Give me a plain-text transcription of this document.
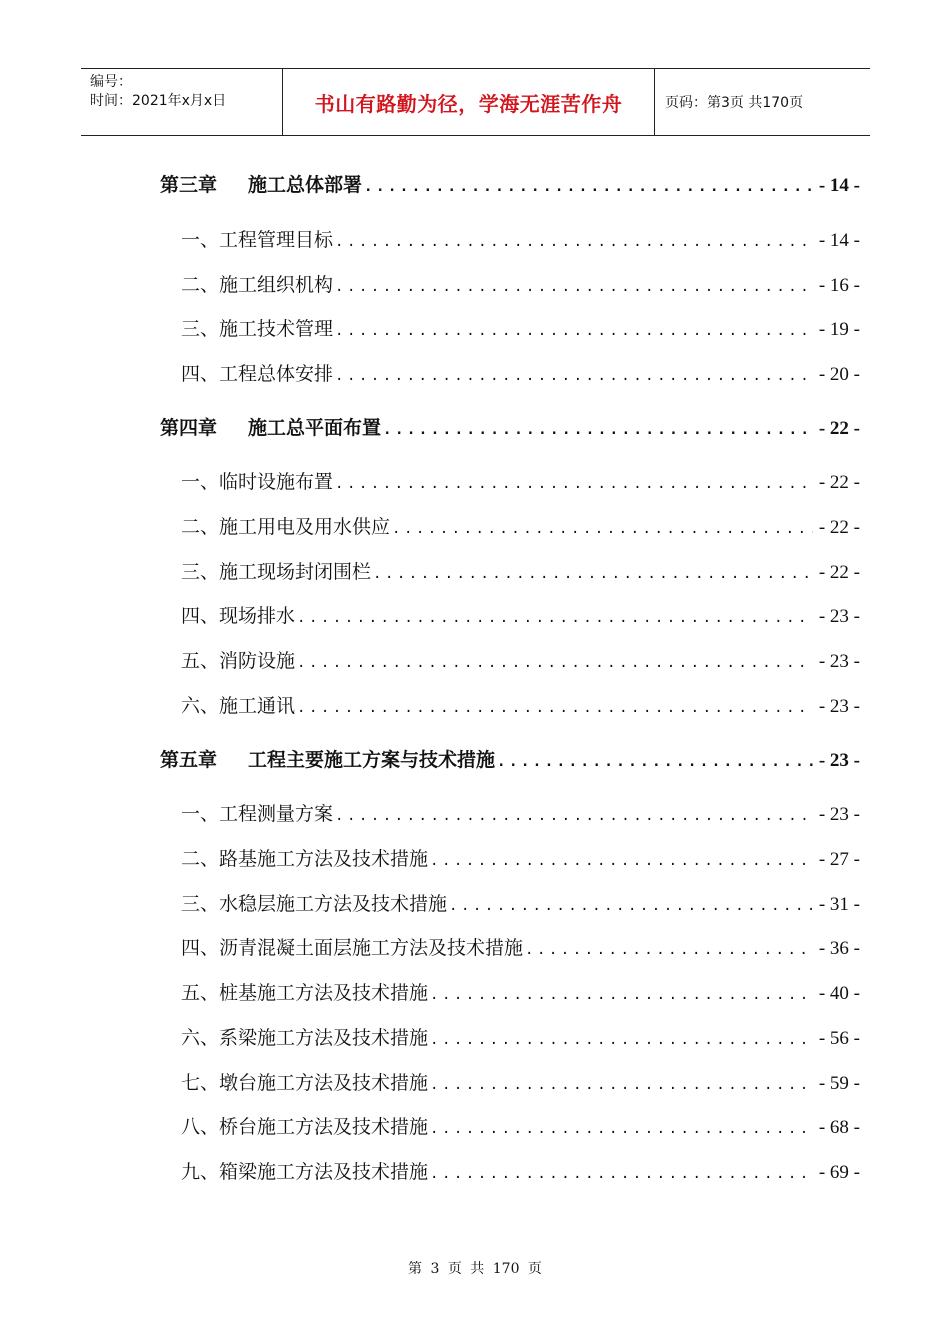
编号：
时间：2021年x月x日	书山有路勤为径，学海无涯苦作舟	页码：第3页 共170页
第三章 施工总体部署 .....	- 14 -
一、工程管理目标 .....	- 14 -
二、施工组织机构 .....	- 16 -
三、施工技术管理 .....	- 19 -
四、工程总体安排 .....	- 20 -
第四章 施工总平面布置 .....	- 22 -
一、临时设施布置 .....	- 22 -
二、施工用电及用水供应 .....	- 22 -
三、施工现场封闭围栏 .....	- 22 -
四、现场排水 .....	- 23 -
五、消防设施 .....	- 23 -
六、施工通讯 .....	- 23 -
第五章 工程主要施工方案与技术措施 .....	- 23 -
一、工程测量方案 .....	- 23 -
二、路基施工方法及技术措施 .....	- 27 -
三、水稳层施工方法及技术措施 .....	- 31 -
四、沥青混凝土面层施工方法及技术措施 .....	- 36 -
五、桩基施工方法及技术措施 .....	- 40 -
六、系梁施工方法及技术措施 .....	- 56 -
七、墩台施工方法及技术措施 .....	- 59 -
八、桥台施工方法及技术措施 .....	- 68 -
九、箱梁施工方法及技术措施 .....	- 69 -
第 3 页 共 170 页
